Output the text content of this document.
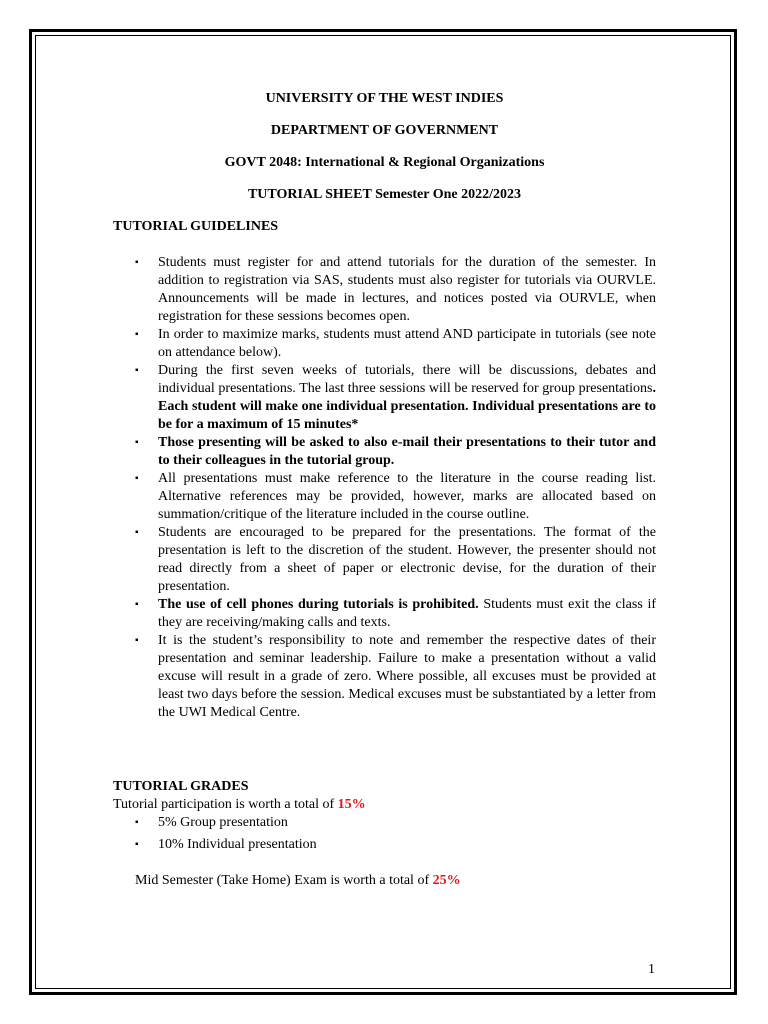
UNIVERSITY OF THE WEST INDIES

DEPARTMENT OF GOVERNMENT

GOVT 2048: International & Regional Organizations

TUTORIAL SHEET Semester One 2022/2023

TUTORIAL GUIDELINES

▪ Students must register for and attend tutorials for the duration of the semester. In addition to registration via SAS, students must also register for tutorials via OURVLE. Announcements will be made in lectures, and notices posted via OURVLE, when registration for these sessions becomes open.
▪ In order to maximize marks, students must attend AND participate in tutorials (see note on attendance below).
▪ During the first seven weeks of tutorials, there will be discussions, debates and individual presentations. The last three sessions will be reserved for group presentations. Each student will make one individual presentation. Individual presentations are to be for a maximum of 15 minutes*
▪ Those presenting will be asked to also e-mail their presentations to their tutor and to their colleagues in the tutorial group.
▪ All presentations must make reference to the literature in the course reading list. Alternative references may be provided, however, marks are allocated based on summation/critique of the literature included in the course outline.
▪ Students are encouraged to be prepared for the presentations. The format of the presentation is left to the discretion of the student. However, the presenter should not read directly from a sheet of paper or electronic devise, for the duration of their presentation.
▪ The use of cell phones during tutorials is prohibited. Students must exit the class if they are receiving/making calls and texts.
▪ It is the student’s responsibility to note and remember the respective dates of their presentation and seminar leadership. Failure to make a presentation without a valid excuse will result in a grade of zero. Where possible, all excuses must be provided at least two days before the session. Medical excuses must be substantiated by a letter from the UWI Medical Centre.

TUTORIAL GRADES

Tutorial participation is worth a total of 15%

▪ 5% Group presentation
▪ 10% Individual presentation

Mid Semester (Take Home) Exam is worth a total of 25%

1
